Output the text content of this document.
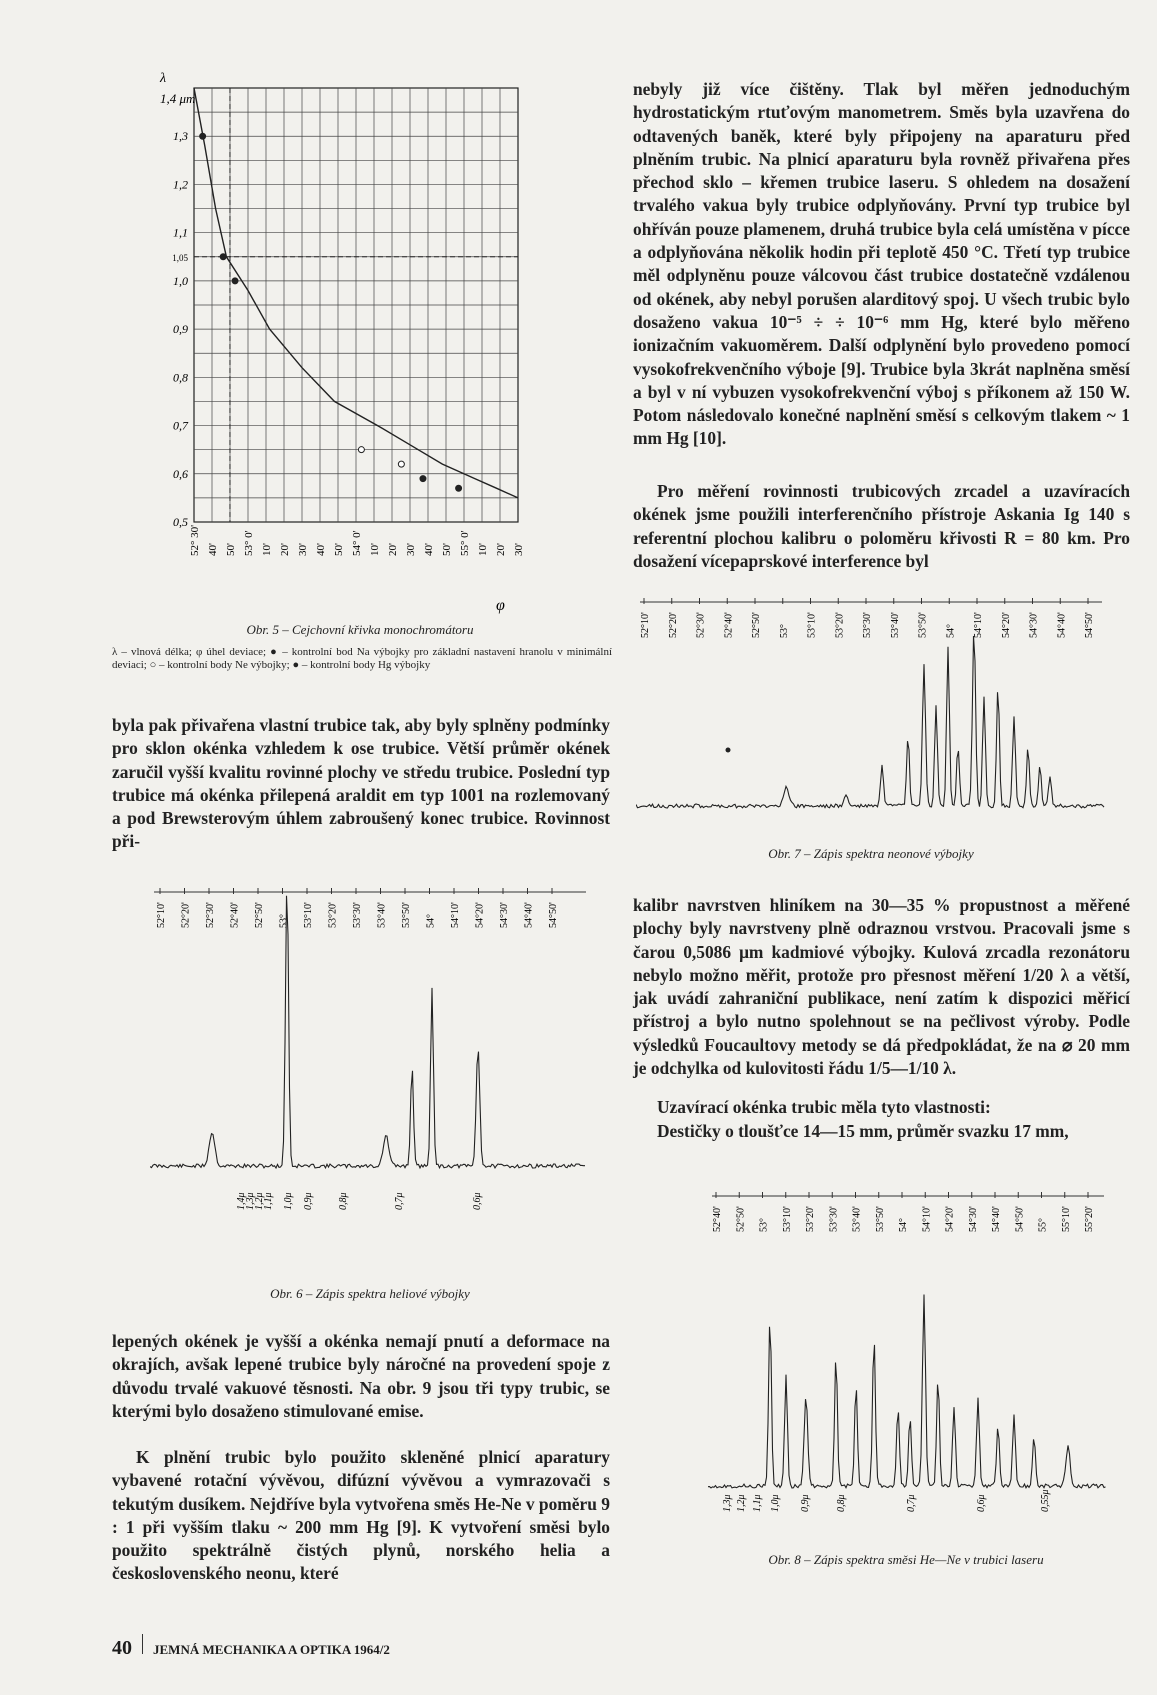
1,3
1,2
1,1
1,0
0,9
0,8
0,7
0,6
0,5
1,05
52° 30' 40' 50' 53° 0' 10' 20' 30' 40' 50' 54° 0' 10' 20' 30' 40' 50' 55° 0' 10' 20' 30'
λ
1,4 μm
φ
Obr. 5 – Cejchovní křivka monochromátoru
λ – vlnová délka; φ úhel deviace; ● – kontrolní bod Na výbojky pro základní nastavení hranolu v minimální deviaci; ○ – kontrolní body Ne výbojky; ● – kontrolní body Hg výbojky

byla pak přivařena vlastní trubice tak, aby byly splněny podmínky pro sklon okénka vzhledem k ose trubice. Větší průměr okének zaručil vyšší kvalitu rovinné plochy ve středu trubice. Poslední typ trubice má okénka přilepená araldit em typ 1001 na rozlemovaný a pod Brewsterovým úhlem zabroušený konec trubice. Rovinnost při-

52°10' 52°20' 52°30' 52°40' 52°50' 53° 53°10' 53°20' 53°30' 53°40' 53°50' 54° 54°10' 54°20' 54°30' 54°40' 54°50'
1,4μ
1,3μ
1,2μ
1,1μ 1,0μ 0,9μ 0,8μ	0,7μ	0,6μ
Obr. 6 – Zápis spektra heliové výbojky

lepených okének je vyšší a okénka nemají pnutí a deformace na okrajích, avšak lepené trubice byly náročné na provedení spoje z důvodu trvalé vakuové těsnosti. Na obr. 9 jsou tři typy trubic, se kterými bylo dosaženo stimulované emise.

K plnění trubic bylo použito skleněné plnicí aparatury vybavené rotační vývěvou, difúzní vývěvou a vymrazovači s tekutým dusíkem. Nejdříve byla vytvořena směs He-Ne v poměru 9 : 1 při vyšším tlaku ~ 200 mm Hg [9]. K vytvoření směsi bylo použito spektrálně čistých plynů, norského helia a československého neonu, které

nebyly již více čištěny. Tlak byl měřen jednoduchým hydrostatickým rtuťovým manometrem. Směs byla uzavřena do odtavených baněk, které byly připojeny na aparaturu před plněním trubic. Na plnicí aparaturu byla rovněž přivařena přes přechod sklo – křemen trubice laseru. S ohledem na dosažení trvalého vakua byly trubice odplyňovány. První typ trubice byl ohříván pouze plamenem, druhá trubice byla celá umístěna v pícce a odplyňována několik hodin při teplotě 450 °C. Třetí typ trubice měl odplyněnu pouze válcovou část trubice dostatečně vzdálenou od okének, aby nebyl porušen alarditový spoj. U všech trubic bylo dosaženo vakua 10⁻⁵ ÷ ÷ 10⁻⁶ mm Hg, které bylo měřeno ionizačním vakuoměrem. Další odplynění bylo provedeno pomocí vysokofrekvenčního výboje [9]. Trubice byla 3krát naplněna směsí a byl v ní vybuzen vysokofrekvenční výboj s příkonem až 150 W. Potom následovalo konečné naplnění směsí s celkovým tlakem ~ 1 mm Hg [10].

Pro měření rovinnosti trubicových zrcadel a uzavíracích okének jsme použili interferenčního přístroje Askania Ig 140 s referentní plochou kalibru o poloměru křivosti R = 80 km. Pro dosažení vícepaprskové interference byl

52°10' 52°20' 52°30' 52°40' 52°50' 53° 53°10' 53°20' 53°30' 53°40' 53°50' 54° 54°10' 54°20' 54°30' 54°40' 54°50'
Obr. 7 – Zápis spektra neonové výbojky

kalibr navrstven hliníkem na 30—35 % propustnost a měřené plochy byly navrstveny plně odraznou vrstvou. Pracovali jsme s čarou 0,5086 μm kadmiové výbojky. Kulová zrcadla rezonátoru nebylo možno měřit, protože pro přesnost měření 1/20 λ a větší, jak uvádí zahraniční publikace, není zatím k dispozici měřicí přístroj a bylo nutno spolehnout se na pečlivost výroby. Podle výsledků Foucaultovy metody se dá předpokládat, že na ⌀ 20 mm je odchylka od kulovitosti řádu 1/5—1/10 λ.

Uzavírací okénka trubic měla tyto vlastnosti:

Destičky o tloušťce 14—15 mm, průměr svazku 17 mm,

52°40' 52°50' 53° 53°10' 53°20' 53°30' 53°40' 53°50' 54° 54°10' 54°20' 54°30' 54°40' 54°50' 55° 55°10' 55°20'
1,3μ 1,2μ 1,1μ 1,0μ 0,9μ	0,8μ	0,7μ	0,6μ	0,55μ
Obr. 8 – Zápis spektra směsi He—Ne v trubici laseru
40 JEMNÁ MECHANIKA A OPTIKA 1964/2
